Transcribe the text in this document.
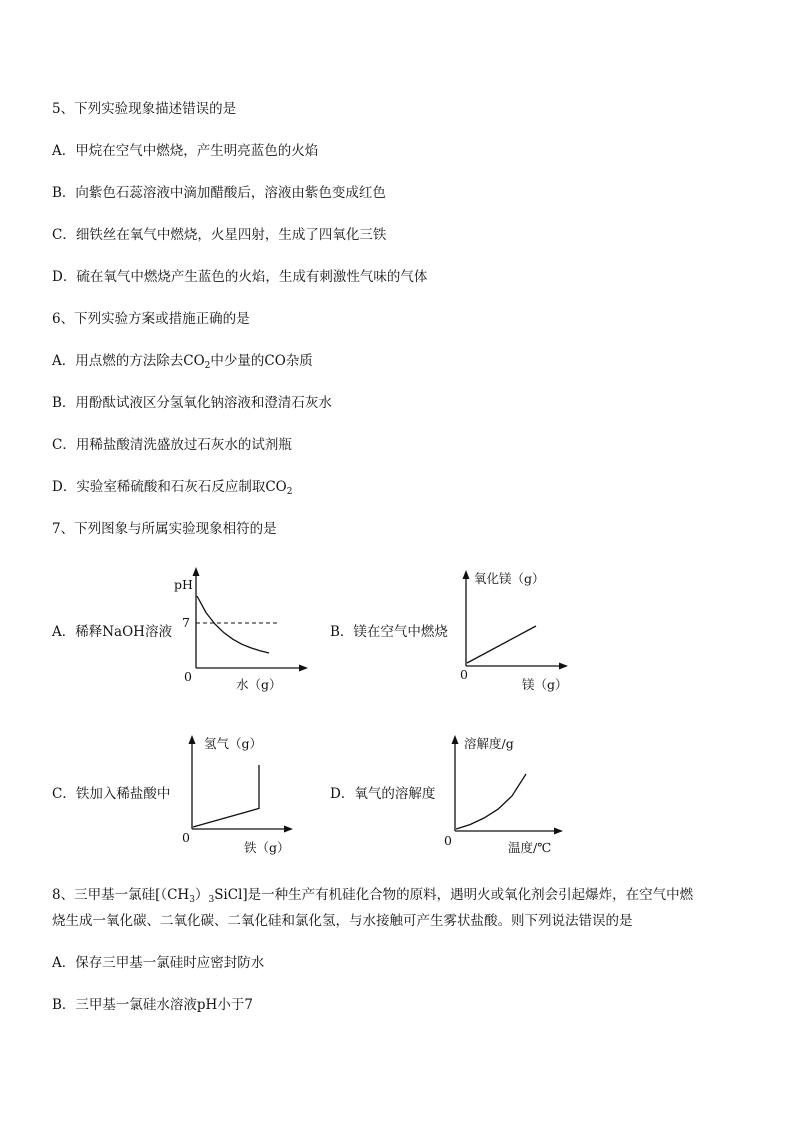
5、下列实验现象描述错误的是
A．甲烷在空气中燃烧，产生明亮蓝色的火焰
B．向紫色石蕊溶液中滴加醋酸后，溶液由紫色变成红色
C．细铁丝在氧气中燃烧，火星四射，生成了四氧化三铁
D．硫在氧气中燃烧产生蓝色的火焰，生成有刺激性气味的气体
6、下列实验方案或措施正确的是
A．用点燃的方法除去$CO_2$中少量的CO杂质
B．用酚酞试液区分氢氧化钠溶液和澄清石灰水
C．用稀盐酸清洗盛放过石灰水的试剂瓶
D．实验室稀硫酸和石灰石反应制取$CO_2$
7、下列图象与所属实验现象相符的是
A．稀释NaOH溶液	B．镁在空气中燃烧
C．铁加入稀盐酸中	D．氧气的溶解度
pH
7
0
水（g）
氧化镁（g）
0
镁（g）
氢气（g）
0
铁（g）
溶解度/g
0	温度/℃
8、三甲基一氯硅$[(CH_3)_3SiCl]$是一种生产有机硅化合物的原料，遇明火或氧化剂会引起爆炸，在空气中燃
烧生成一氧化碳、二氧化碳、二氧化硅和氯化氢，与水接触可产生雾状盐酸。则下列说法错误的是
A．保存三甲基一氯硅时应密封防水
B．三甲基一氯硅水溶液pH小于7
